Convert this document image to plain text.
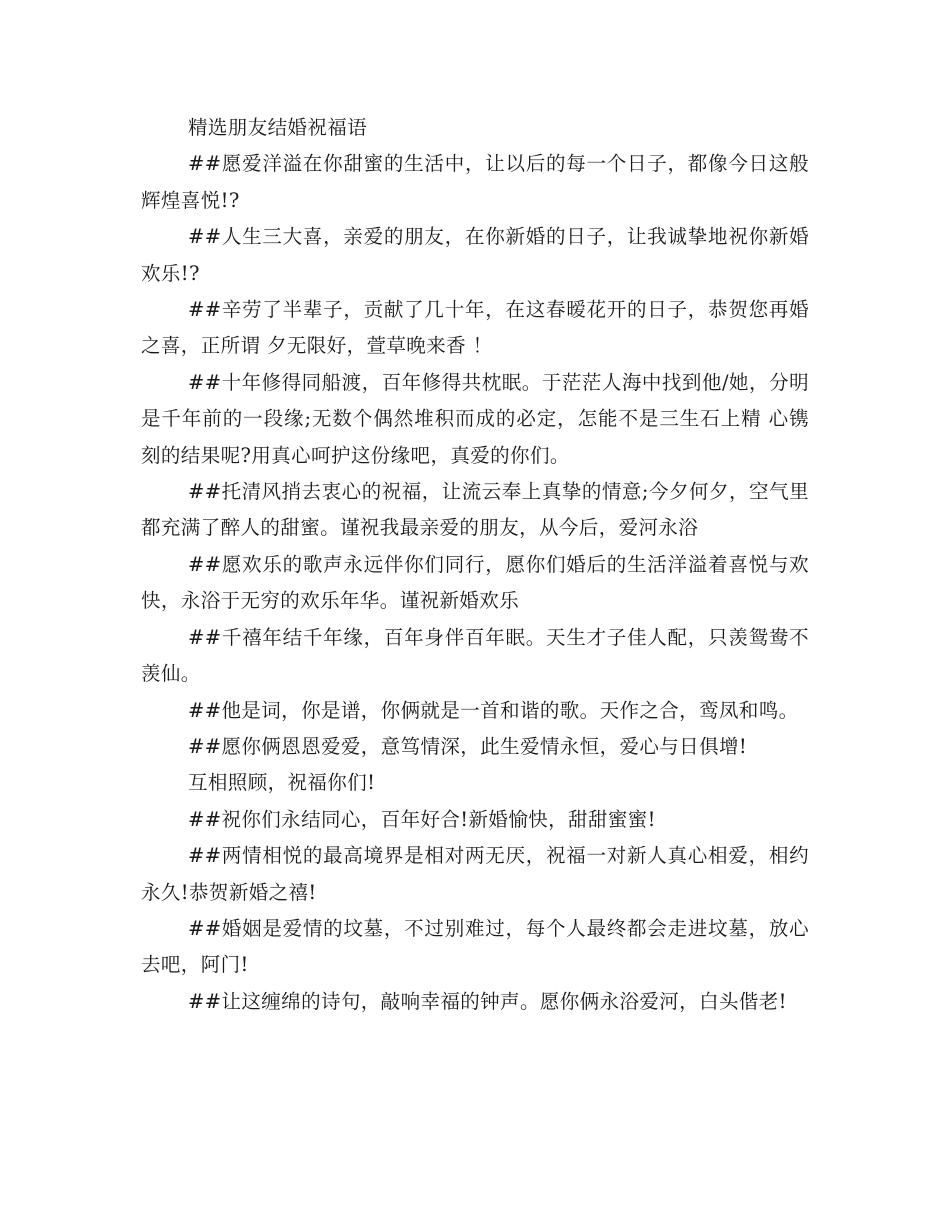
精选朋友结婚祝福语

##愿爱洋溢在你甜蜜的生活中，让以后的每一个日子，都像今日这般辉煌喜悦!?

##人生三大喜，亲爱的朋友，在你新婚的日子，让我诚挚地祝你新婚欢乐!?

##辛劳了半辈子，贡献了几十年，在这春暧花开的日子，恭贺您再婚之喜，正所谓 夕无限好，萱草晚来香 ！

##十年修得同船渡，百年修得共枕眠。于茫茫人海中找到他/她，分明是千年前的一段缘;无数个偶然堆积而成的必定，怎能不是三生石上精 心镌刻的结果呢?用真心呵护这份缘吧，真爱的你们。

##托清风捎去衷心的祝福，让流云奉上真挚的情意;今夕何夕，空气里都充满了醉人的甜蜜。谨祝我最亲爱的朋友，从今后，爱河永浴

##愿欢乐的歌声永远伴你们同行，愿你们婚后的生活洋溢着喜悦与欢快，永浴于无穷的欢乐年华。谨祝新婚欢乐

##千禧年结千年缘，百年身伴百年眠。天生才子佳人配，只羡鸳鸯不羡仙。

##他是词，你是谱，你俩就是一首和谐的歌。天作之合，鸾凤和鸣。

##愿你俩恩恩爱爱，意笃情深，此生爱情永恒，爱心与日俱增!

互相照顾，祝福你们!

##祝你们永结同心，百年好合!新婚愉快，甜甜蜜蜜!

##两情相悦的最高境界是相对两无厌，祝福一对新人真心相爱，相约永久!恭贺新婚之禧!

##婚姻是爱情的坟墓，不过别难过，每个人最终都会走进坟墓，放心去吧，阿门!

##让这缠绵的诗句，敲响幸福的钟声。愿你俩永浴爱河，白头偕老!
